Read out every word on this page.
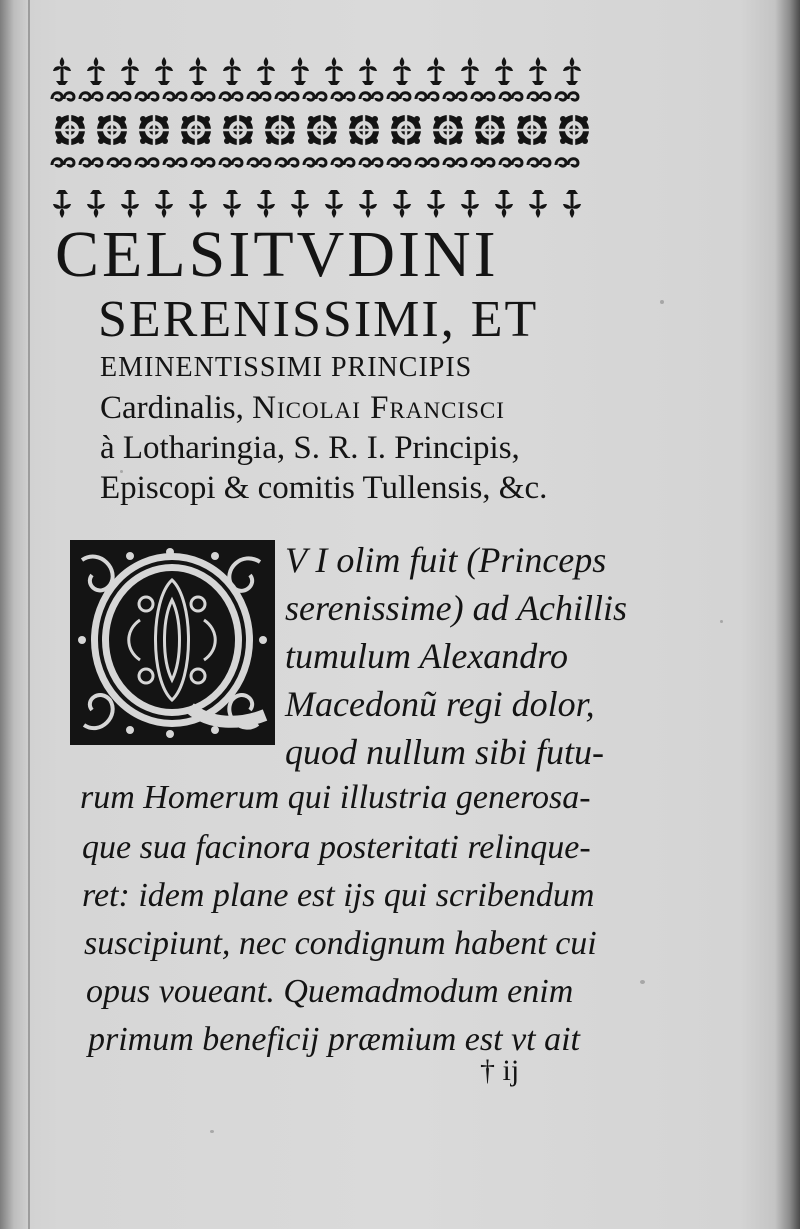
CELSITVDINI
SERENISSIMI, ET
EMINENTISSIMI PRINCIPIS
Cardinalis, Nicolai Francisci
à Lotharingia, S. R. I. Principis,
Episcopi & comitis Tullensis, &c.
V I olim fuit (Princeps
serenissime) ad Achillis
tumulum Alexandro
Macedonũ regi dolor,
quod nullum sibi futu-
rum Homerum qui illustria generosa-
que sua facinora posteritati relinque-
ret: idem plane est ijs qui scribendum
suscipiunt, nec condignum habent cui
opus voueant. Quemadmodum enim
primum beneficij præmium est vt ait
† ij
